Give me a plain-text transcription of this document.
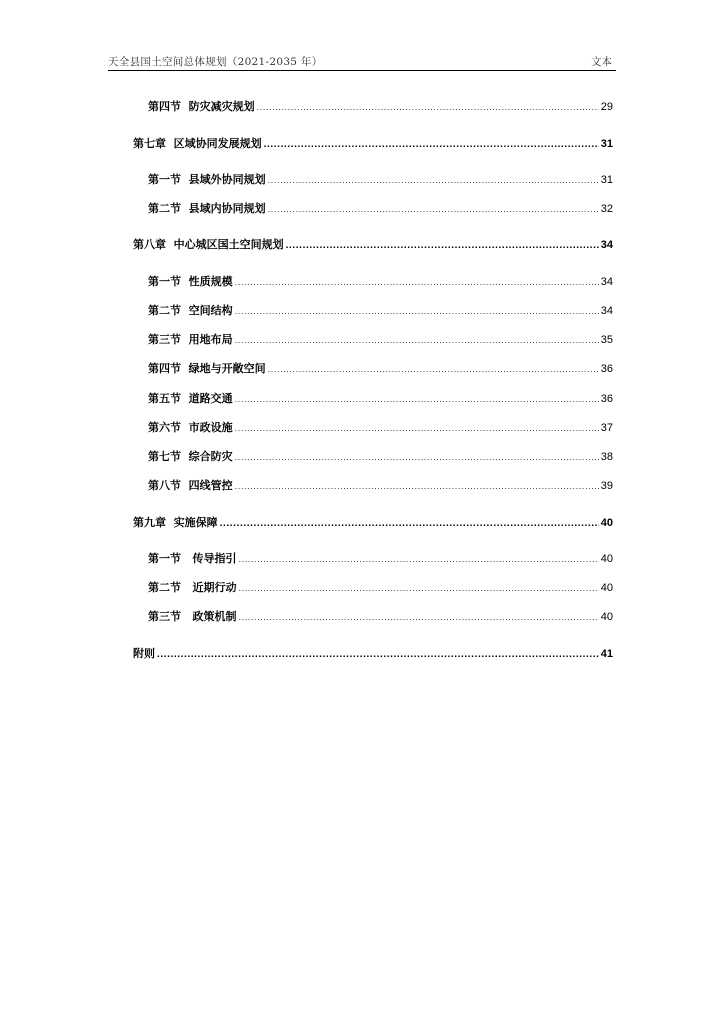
天全县国土空间总体规划（2021-2035 年）	文本
第四节  防灾减灾规划 .....	29
第七章  区域协同发展规划 .....	31
第一节  县域外协同规划 .....	31
第二节  县域内协同规划 .....	32
第八章  中心城区国土空间规划 .....	34
第一节  性质规模 .....	34
第二节  空间结构 .....	34
第三节  用地布局 .....	35
第四节  绿地与开敞空间 .....	36
第五节  道路交通 .....	36
第六节  市政设施 .....	37
第七节  综合防灾 .....	38
第八节  四线管控 .....	39
第九章  实施保障 .....	40
第一节   传导指引 .....	40
第二节   近期行动 .....	40
第三节   政策机制 .....	40
附则 .....	41
